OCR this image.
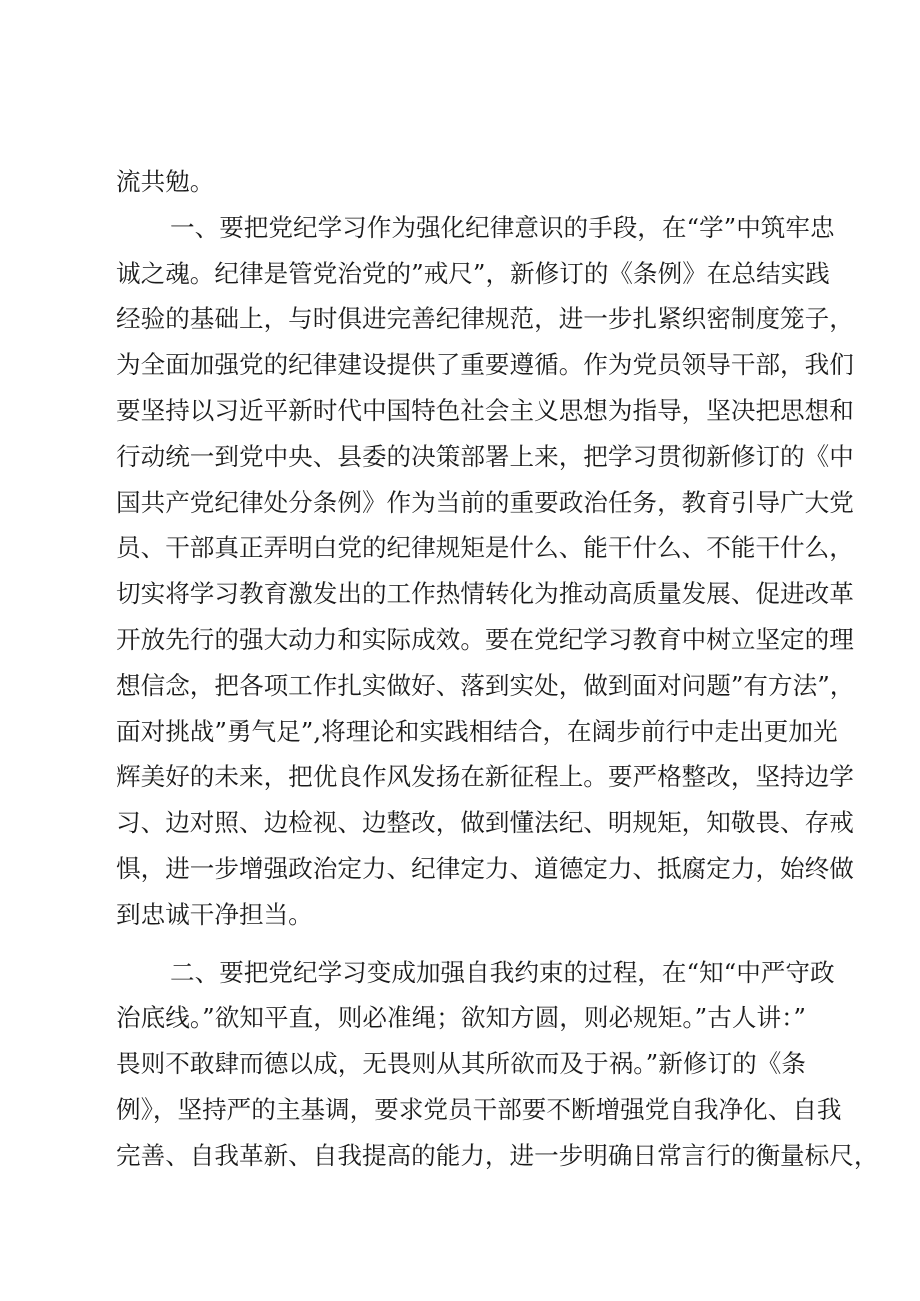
流共勉。
一、要把党纪学习作为强化纪律意识的手段，在“学”中筑牢忠
诚之魂。纪律是管党治党的”戒尺”，新修订的《条例》在总结实践
经验的基础上，与时俱进完善纪律规范，进一步扎紧织密制度笼子，
为全面加强党的纪律建设提供了重要遵循。作为党员领导干部，我们
要坚持以习近平新时代中国特色社会主义思想为指导，坚决把思想和
行动统一到党中央、县委的决策部署上来，把学习贯彻新修订的《中
国共产党纪律处分条例》作为当前的重要政治任务，教育引导广大党
员、干部真正弄明白党的纪律规矩是什么、能干什么、不能干什么，
切实将学习教育激发出的工作热情转化为推动高质量发展、促进改革
开放先行的强大动力和实际成效。要在党纪学习教育中树立坚定的理
想信念，把各项工作扎实做好、落到实处，做到面对问题”有方法”，
面对挑战”勇气足”,将理论和实践相结合，在阔步前行中走出更加光
辉美好的未来，把优良作风发扬在新征程上。要严格整改，坚持边学
习、边对照、边检视、边整改，做到懂法纪、明规矩，知敬畏、存戒
惧，进一步增强政治定力、纪律定力、道德定力、抵腐定力，始终做
到忠诚干净担当。
二、要把党纪学习变成加强自我约束的过程，在“知“中严守政
治底线。”欲知平直，则必准绳；欲知方圆，则必规矩。”古人讲：”
畏则不敢肆而德以成，无畏则从其所欲而及于祸。”新修订的《条
例》，坚持严的主基调，要求党员干部要不断增强党自我净化、自我
完善、自我革新、自我提高的能力，进一步明确日常言行的衡量标尺，
